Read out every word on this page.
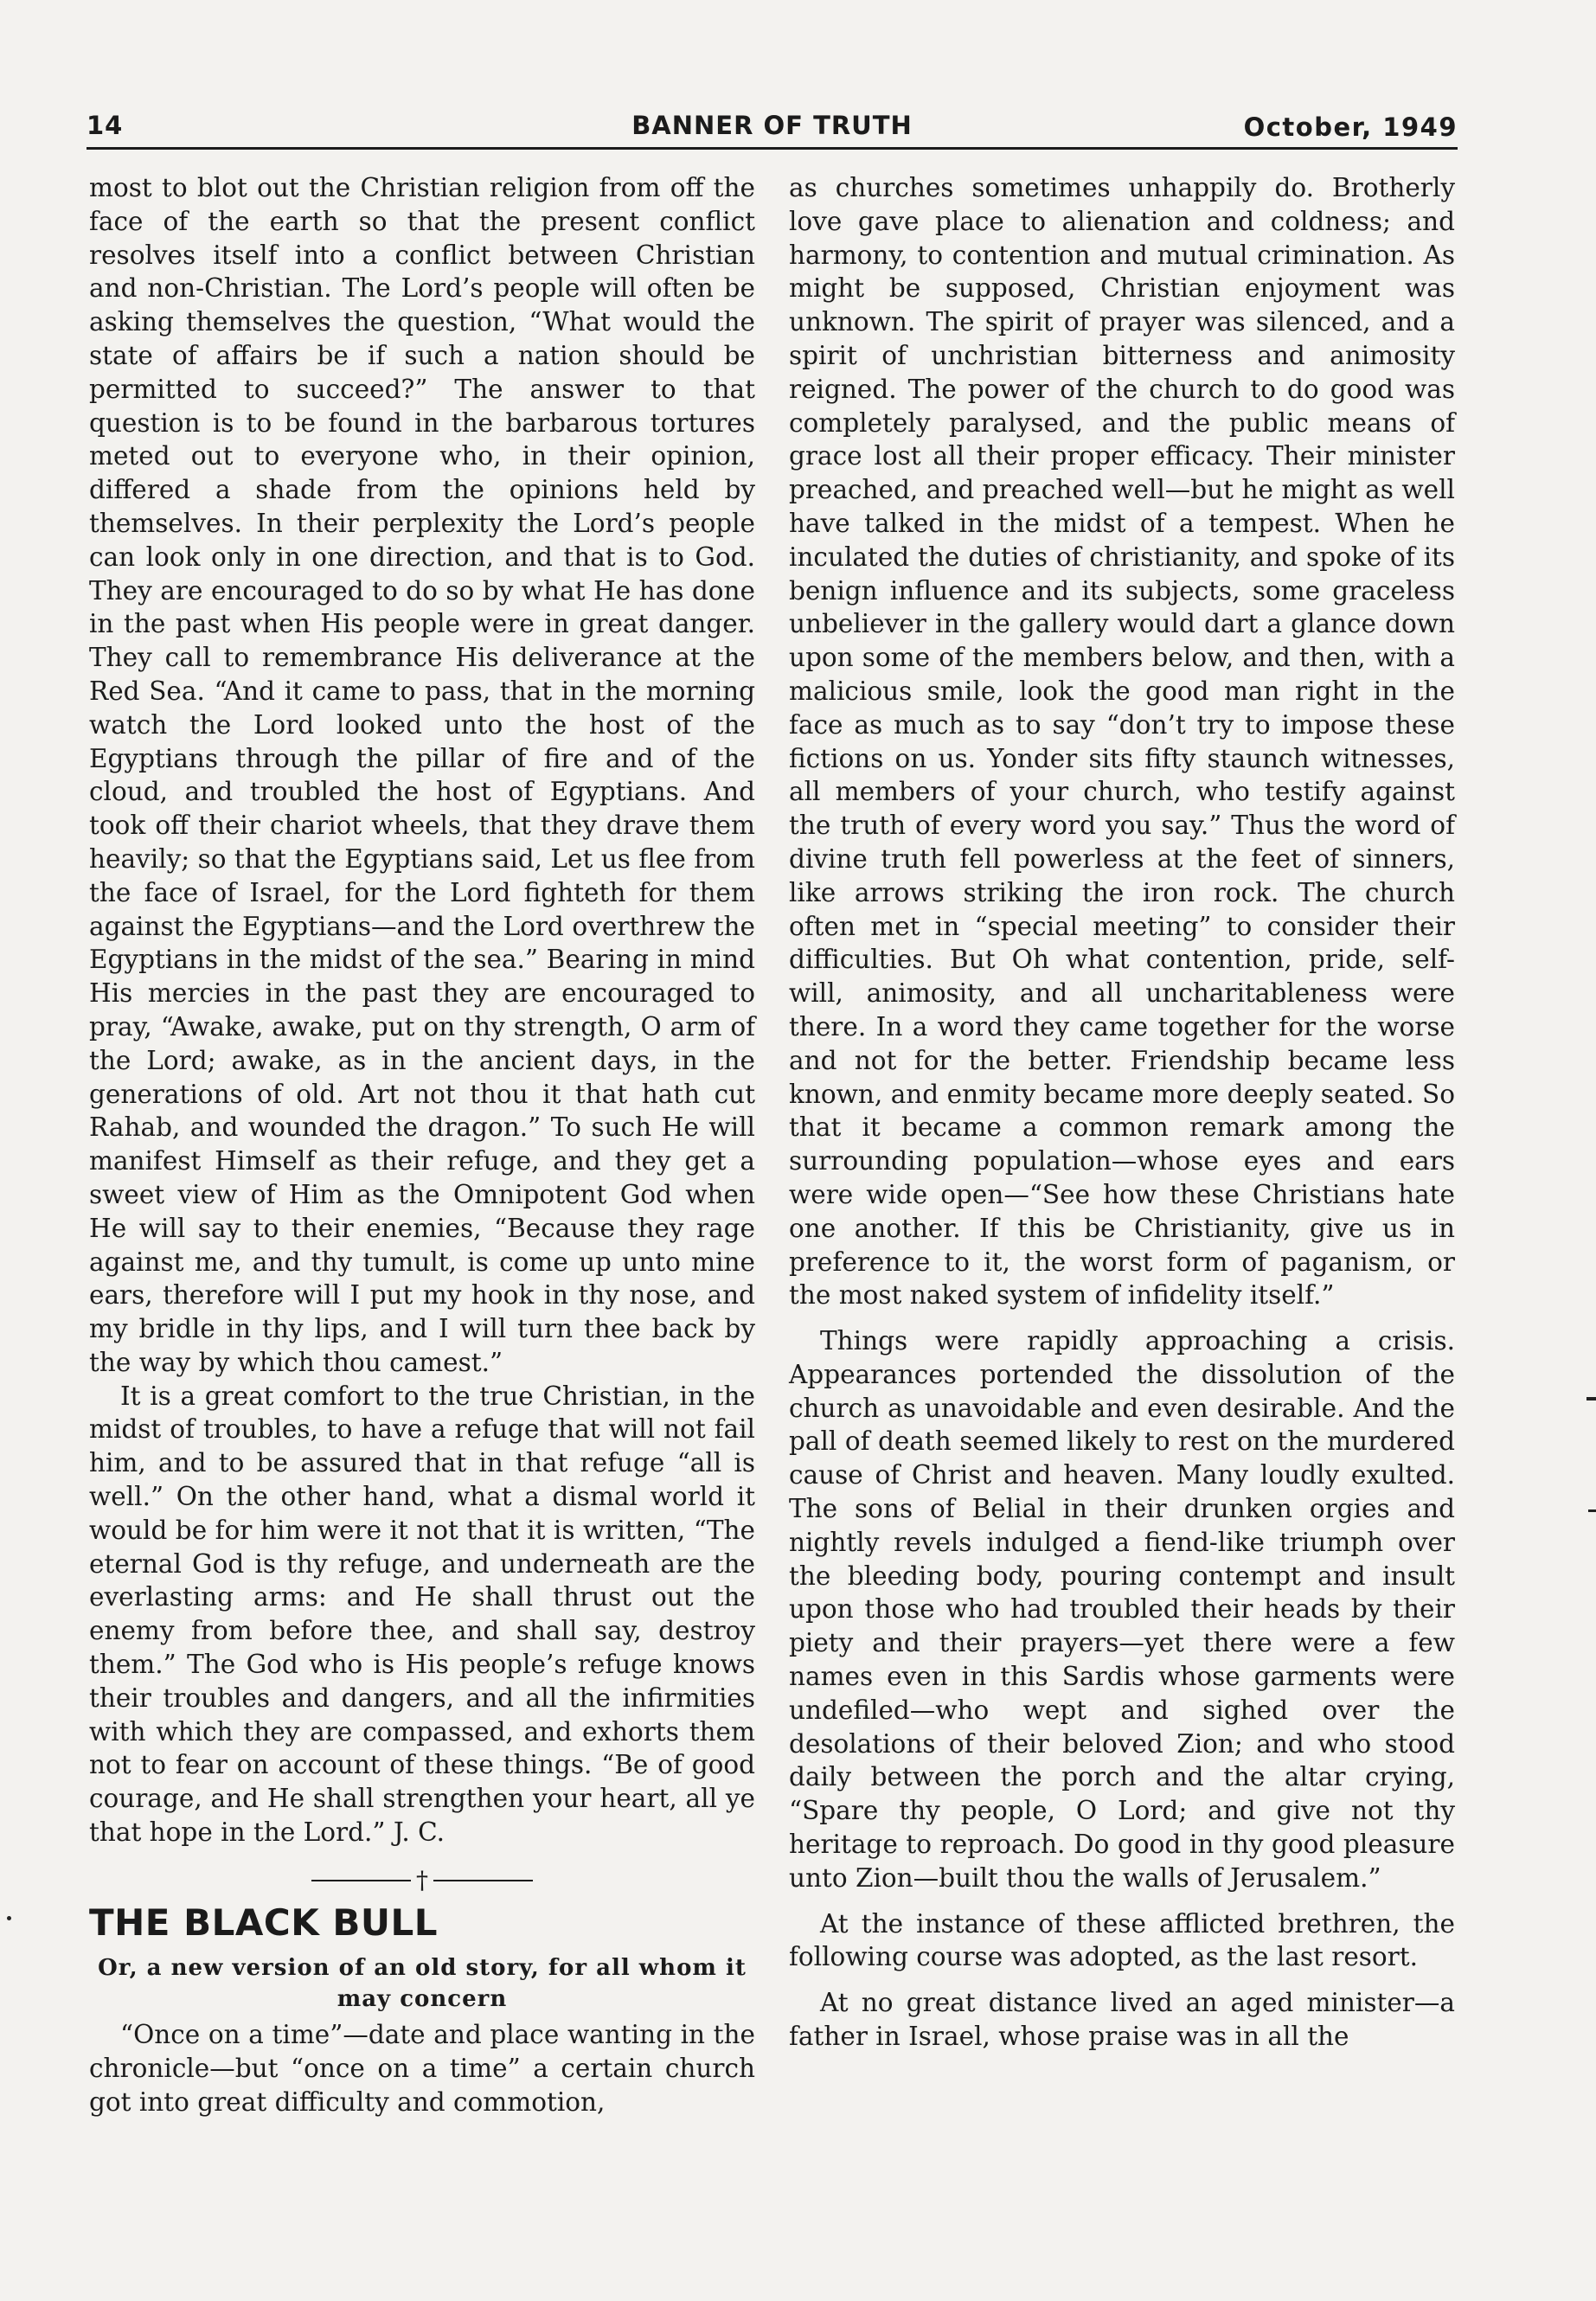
14	BANNER OF TRUTH	October, 1949

most to blot out the Christian religion from off the face of the earth so that the present conflict resolves itself into a conflict between Christian and non-Christian. The Lord’s people will often be asking themselves the question, “What would the state of affairs be if such a nation should be permitted to succeed?” The answer to that question is to be found in the barbarous tortures meted out to everyone who, in their opinion, differed a shade from the opinions held by themselves. In their perplexity the Lord’s people can look only in one direction, and that is to God. They are encouraged to do so by what He has done in the past when His people were in great danger. They call to remembrance His deliverance at the Red Sea. “And it came to pass, that in the morning watch the Lord looked unto the host of the Egyptians through the pillar of fire and of the cloud, and troubled the host of Egyptians. And took off their chariot wheels, that they drave them heavily; so that the Egyptians said, Let us flee from the face of Israel, for the Lord fighteth for them against the Egyptians—and the Lord overthrew the Egyptians in the midst of the sea.” Bearing in mind His mercies in the past they are encouraged to pray, “Awake, awake, put on thy strength, O arm of the Lord; awake, as in the ancient days, in the generations of old. Art not thou it that hath cut Rahab, and wounded the dragon.” To such He will manifest Himself as their refuge, and they get a sweet view of Him as the Omnipotent God when He will say to their enemies, “Because they rage against me, and thy tumult, is come up unto mine ears, therefore will I put my hook in thy nose, and my bridle in thy lips, and I will turn thee back by the way by which thou camest.”

It is a great comfort to the true Christian, in the midst of troubles, to have a refuge that will not fail him, and to be assured that in that refuge “all is well.” On the other hand, what a dismal world it would be for him were it not that it is written, “The eternal God is thy refuge, and underneath are the everlasting arms: and He shall thrust out the enemy from before thee, and shall say, destroy them.” The God who is His people’s refuge knows their troubles and dangers, and all the infirmities with which they are compassed, and exhorts them not to fear on account of these things. “Be of good courage, and He shall strengthen your heart, all ye that hope in the Lord.” J. C.

†
THE BLACK BULL
Or, a new version of an old story, for all whom it may concern

“Once on a time”—date and place wanting in the chronicle—but “once on a time” a certain church got into great difficulty and commotion,

as churches sometimes unhappily do. Brotherly love gave place to alienation and coldness; and harmony, to contention and mutual crimination. As might be supposed, Christian enjoyment was unknown. The spirit of prayer was silenced, and a spirit of unchristian bitterness and animosity reigned. The power of the church to do good was completely paralysed, and the public means of grace lost all their proper efficacy. Their minister preached, and preached well—but he might as well have talked in the midst of a tempest. When he inculated the duties of christianity, and spoke of its benign influence and its subjects, some graceless unbeliever in the gallery would dart a glance down upon some of the members below, and then, with a malicious smile, look the good man right in the face as much as to say “don’t try to impose these fictions on us. Yonder sits fifty staunch witnesses, all members of your church, who testify against the truth of every word you say.” Thus the word of divine truth fell powerless at the feet of sinners, like arrows striking the iron rock. The church often met in “special meeting” to consider their difficulties. But Oh what contention, pride, self-will, animosity, and all uncharitableness were there. In a word they came together for the worse and not for the better. Friendship became less known, and enmity became more deeply seated. So that it became a common remark among the surrounding population—whose eyes and ears were wide open—“See how these Christians hate one another. If this be Christianity, give us in preference to it, the worst form of paganism, or the most naked system of infidelity itself.”

Things were rapidly approaching a crisis. Appearances portended the dissolution of the church as unavoidable and even desirable. And the pall of death seemed likely to rest on the murdered cause of Christ and heaven. Many loudly exulted. The sons of Belial in their drunken orgies and nightly revels indulged a fiend-like triumph over the bleeding body, pouring contempt and insult upon those who had troubled their heads by their piety and their prayers—yet there were a few names even in this Sardis whose garments were undefiled—who wept and sighed over the desolations of their beloved Zion; and who stood daily between the porch and the altar crying, “Spare thy people, O Lord; and give not thy heritage to reproach. Do good in thy good pleasure unto Zion—built thou the walls of Jerusalem.”

At the instance of these afflicted brethren, the following course was adopted, as the last resort.

At no great distance lived an aged minister—a father in Israel, whose praise was in all the
